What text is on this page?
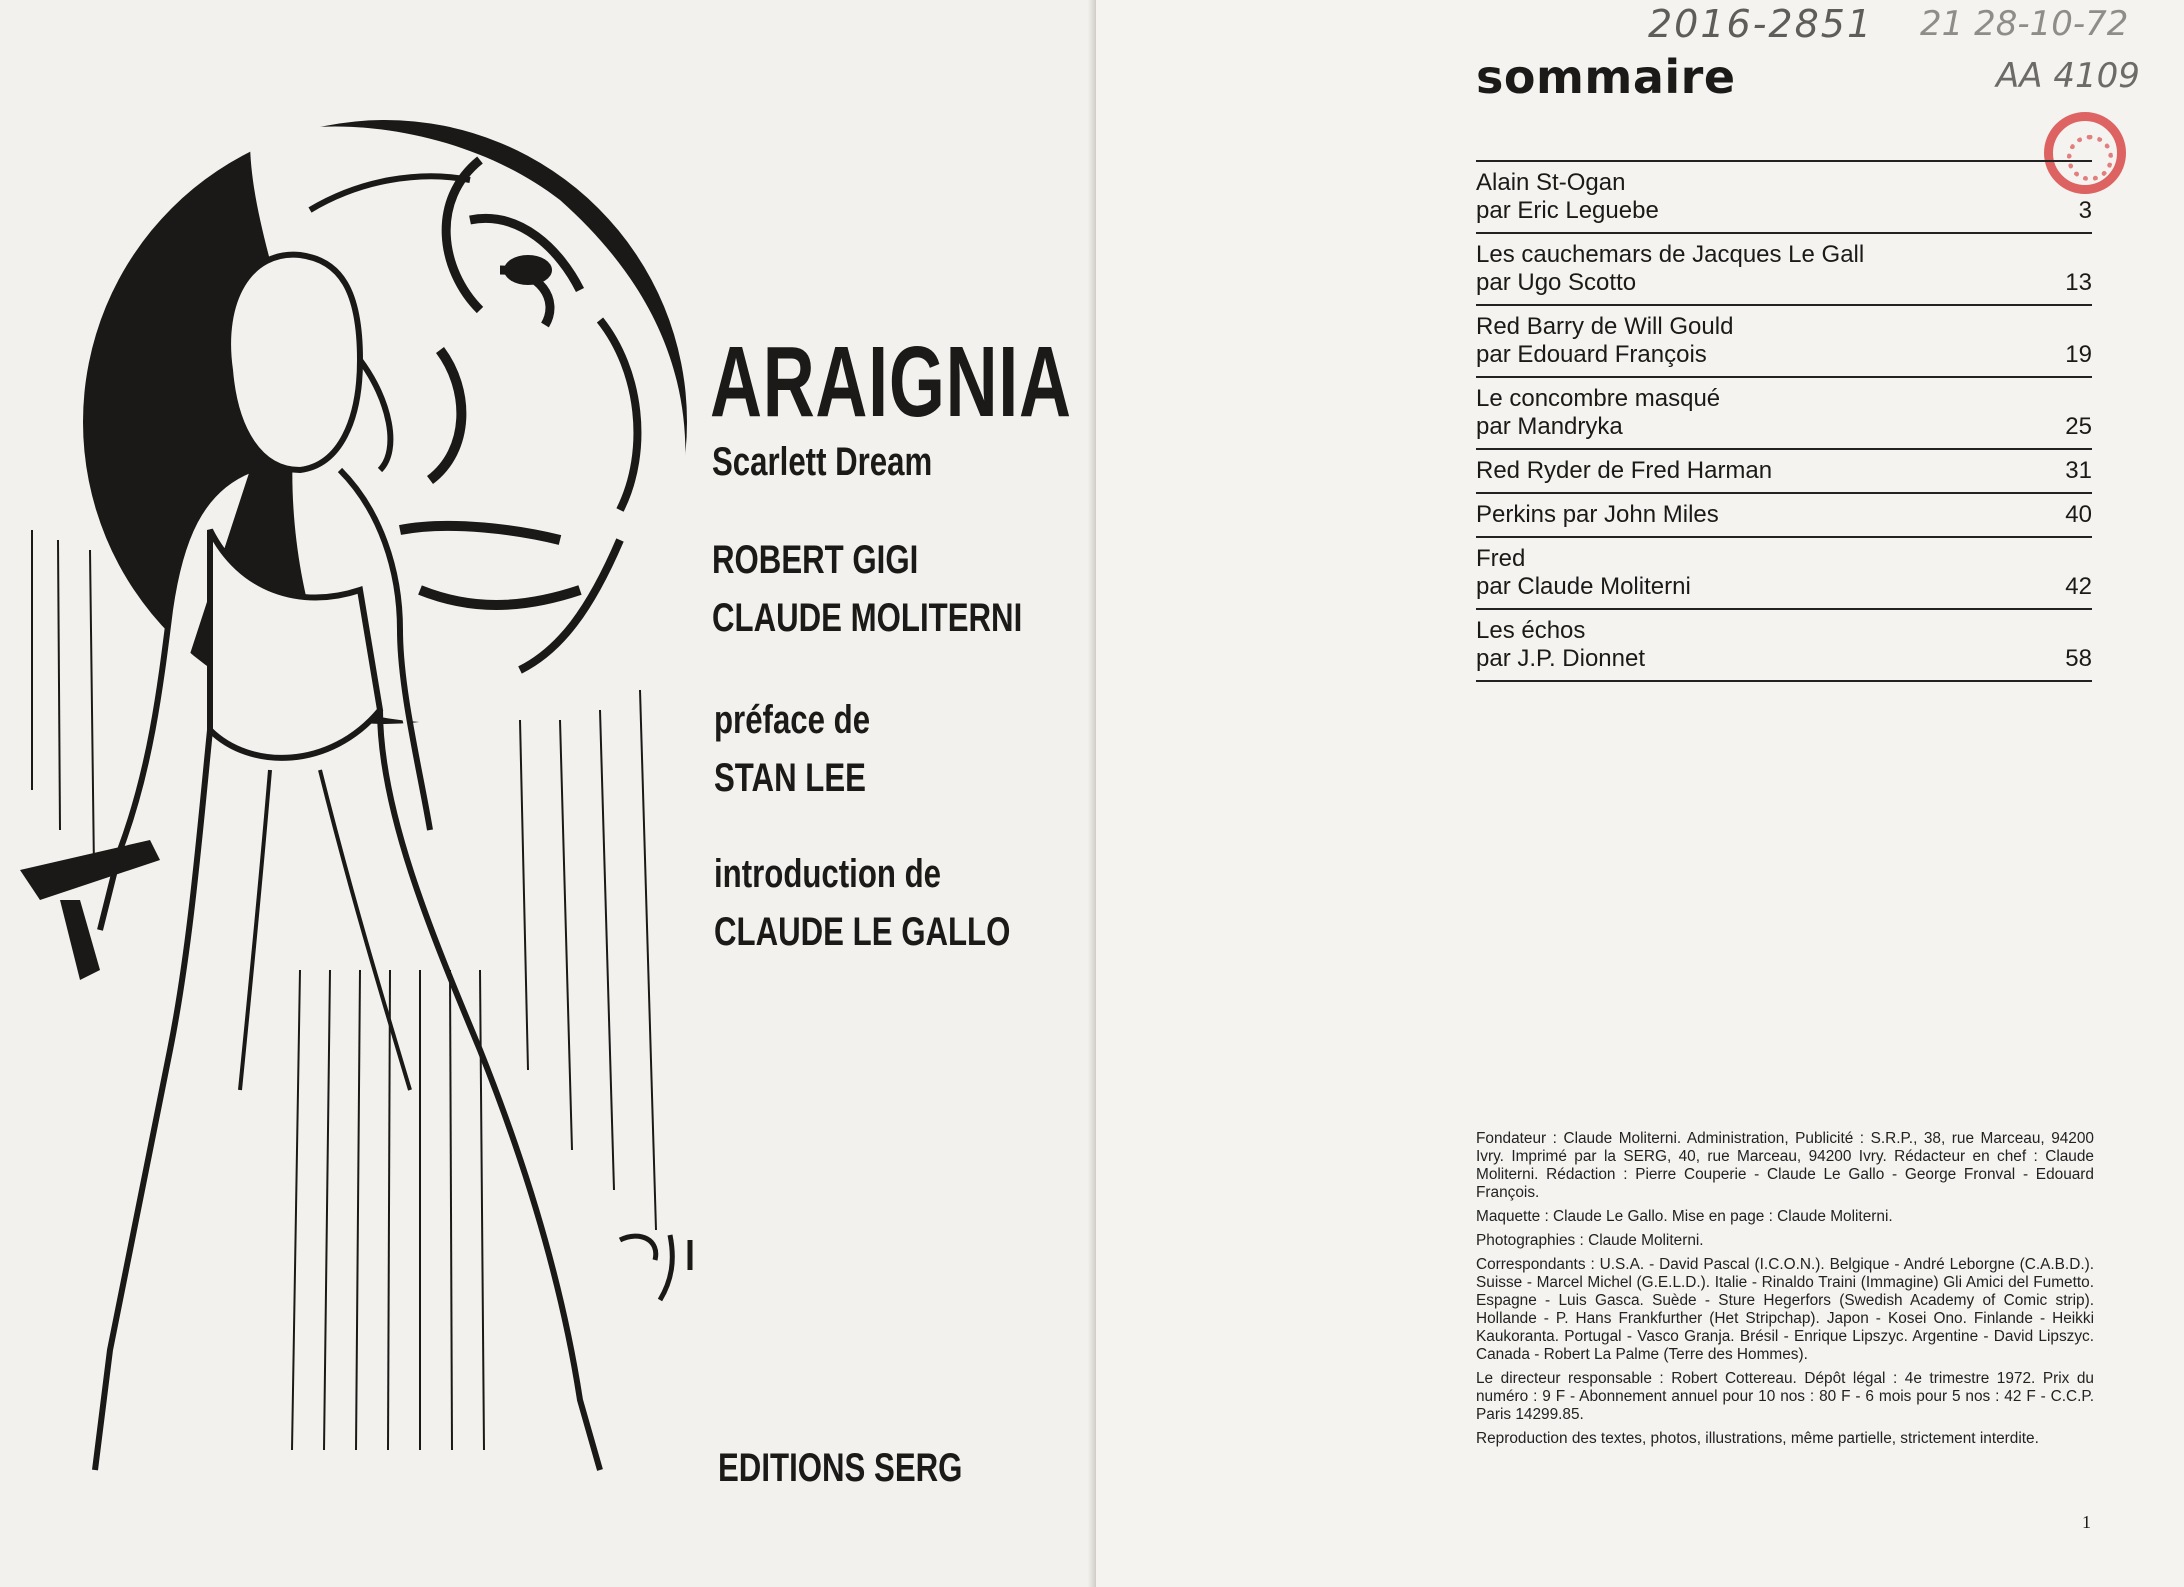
ARAIGNIA
Scarlett Dream
ROBERT GIGI
CLAUDE MOLITERNI
préface de
STAN LEE
introduction de
CLAUDE LE GALLO
EDITIONS SERG
2016-2851 21 28-10-72
AA 4109
sommaire
Alain St-Ogan
par Eric Leguebe	3
Les cauchemars de Jacques Le Gall
par Ugo Scotto	13
Red Barry de Will Gould
par Edouard François	19
Le concombre masqué
par Mandryka	25
Red Ryder de Fred Harman	31
Perkins par John Miles	40
Fred
par Claude Moliterni	42
Les échos
par J.P. Dionnet	58

Fondateur : Claude Moliterni. Administration, Publicité : S.R.P., 38, rue Marceau, 94200 Ivry. Imprimé par la SERG, 40, rue Marceau, 94200 Ivry. Rédacteur en chef : Claude Moliterni. Rédaction : Pierre Couperie - Claude Le Gallo - George Fronval - Edouard François.

Maquette : Claude Le Gallo. Mise en page : Claude Moliterni.

Photographies : Claude Moliterni.

Correspondants : U.S.A. - David Pascal (I.C.O.N.). Belgique - André Leborgne (C.A.B.D.). Suisse - Marcel Michel (G.E.L.D.). Italie - Rinaldo Traini (Immagine) Gli Amici del Fumetto. Espagne - Luis Gasca. Suède - Sture Hegerfors (Swedish Academy of Comic strip). Hollande - P. Hans Frankfurther (Het Stripchap). Japon - Kosei Ono. Finlande - Heikki Kaukoranta. Portugal - Vasco Granja. Brésil - Enrique Lipszyc. Argentine - David Lipszyc. Canada - Robert La Palme (Terre des Hommes).

Le directeur responsable : Robert Cottereau. Dépôt légal : 4e trimestre 1972. Prix du numéro : 9 F - Abonnement annuel pour 10 nos : 80 F - 6 mois pour 5 nos : 42 F - C.C.P. Paris 14299.85.

Reproduction des textes, photos, illustrations, même partielle, strictement interdite.

1
